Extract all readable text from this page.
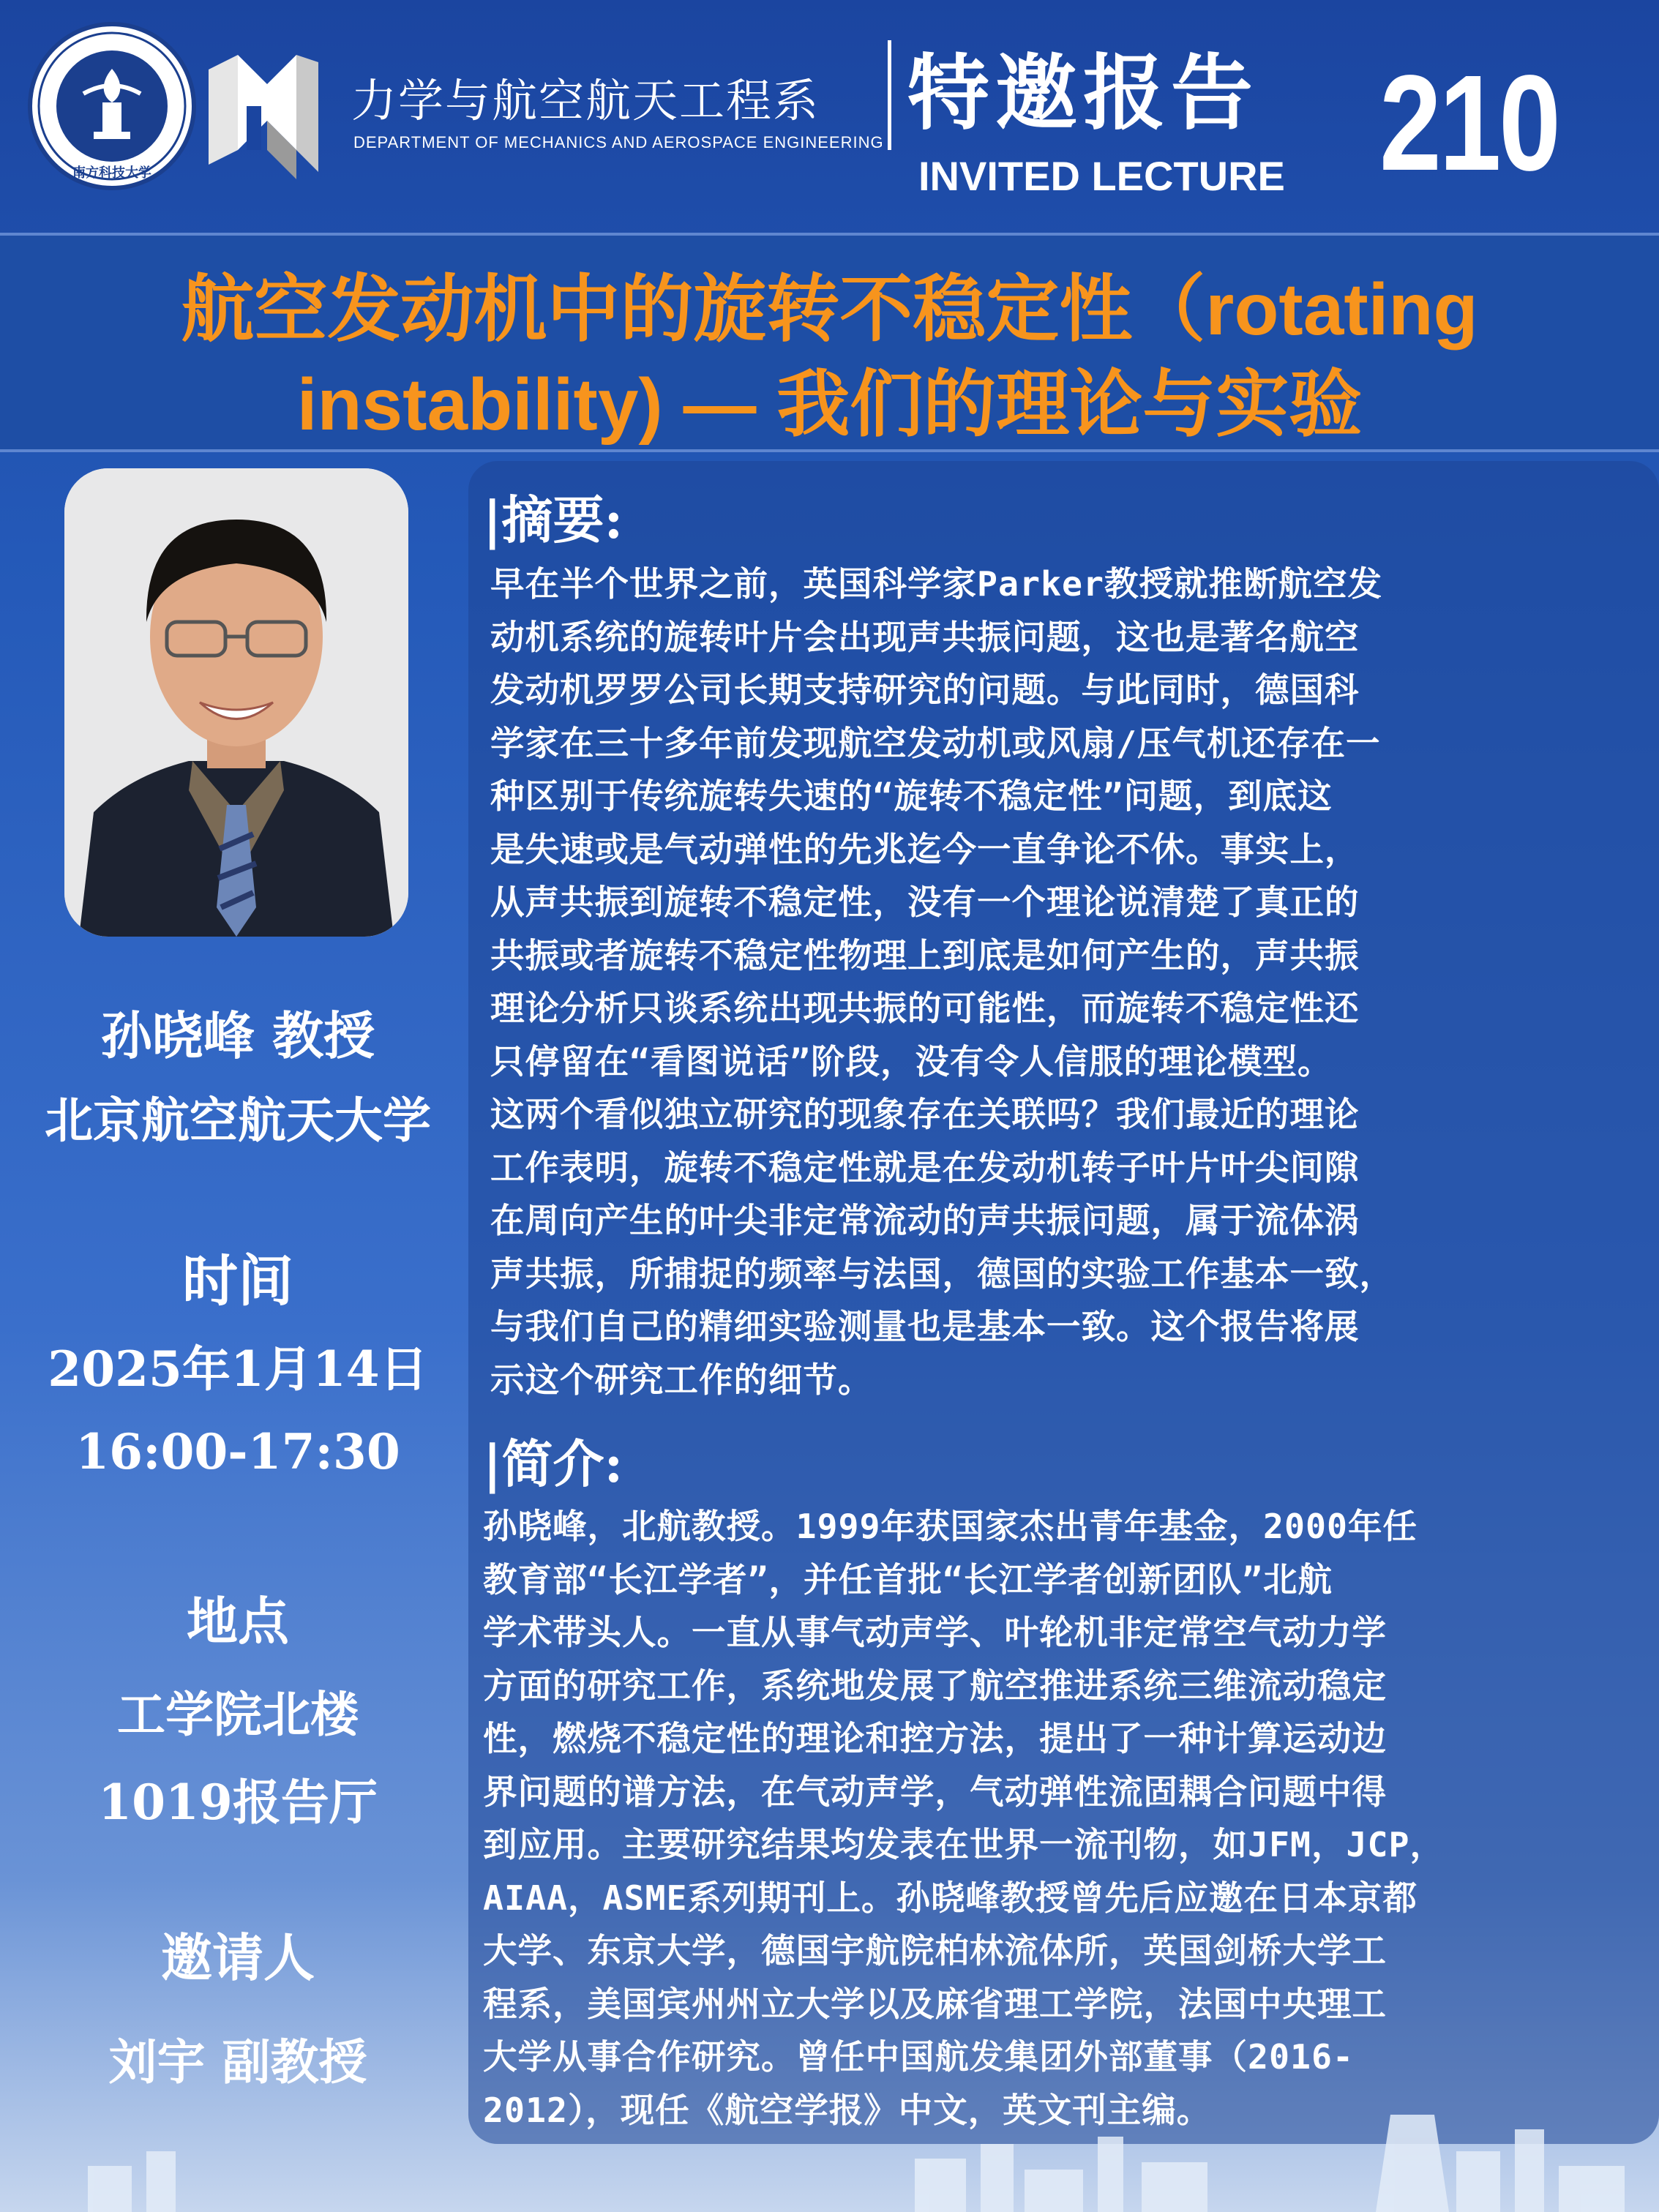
南方科技大学
力学与航空航天工程系
DEPARTMENT OF MECHANICS AND AEROSPACE ENGINEERING
特邀报告
INVITED LECTURE 210
航空发动机中的旋转不稳定性（rotating
instability) — 我们的理论与实验
孙晓峰 教授
北京航空航天大学
时间
2025年1月14日
16:00-17:30
地点
工学院北楼
1019报告厅
邀请人
刘宇 副教授
|摘要:
早在半个世界之前，英国科学家Parker教授就推断航空发
动机系统的旋转叶片会出现声共振问题，这也是著名航空
发动机罗罗公司长期支持研究的问题。与此同时，德国科
学家在三十多年前发现航空发动机或风扇/压气机还存在一
种区别于传统旋转失速的“旋转不稳定性”问题，到底这
是失速或是气动弹性的先兆迄今一直争论不休。事实上，
从声共振到旋转不稳定性，没有一个理论说清楚了真正的
共振或者旋转不稳定性物理上到底是如何产生的，声共振
理论分析只谈系统出现共振的可能性，而旋转不稳定性还
只停留在“看图说话”阶段，没有令人信服的理论模型。
这两个看似独立研究的现象存在关联吗？我们最近的理论
工作表明，旋转不稳定性就是在发动机转子叶片叶尖间隙
在周向产生的叶尖非定常流动的声共振问题，属于流体涡
声共振，所捕捉的频率与法国，德国的实验工作基本一致，
与我们自己的精细实验测量也是基本一致。这个报告将展
示这个研究工作的细节。
|简介:
孙晓峰，北航教授。1999年获国家杰出青年基金，2000年任
教育部“长江学者”，并任首批“长江学者创新团队”北航
学术带头人。一直从事气动声学、叶轮机非定常空气动力学
方面的研究工作，系统地发展了航空推进系统三维流动稳定
性，燃烧不稳定性的理论和控方法，提出了一种计算运动边
界问题的谱方法，在气动声学，气动弹性流固耦合问题中得
到应用。主要研究结果均发表在世界一流刊物，如JFM，JCP，
AIAA，ASME系列期刊上。孙晓峰教授曾先后应邀在日本京都
大学、东京大学，德国宇航院柏林流体所，英国剑桥大学工
程系，美国宾州州立大学以及麻省理工学院，法国中央理工
大学从事合作研究。曾任中国航发集团外部董事（2016-
2012），现任《航空学报》中文，英文刊主编。
